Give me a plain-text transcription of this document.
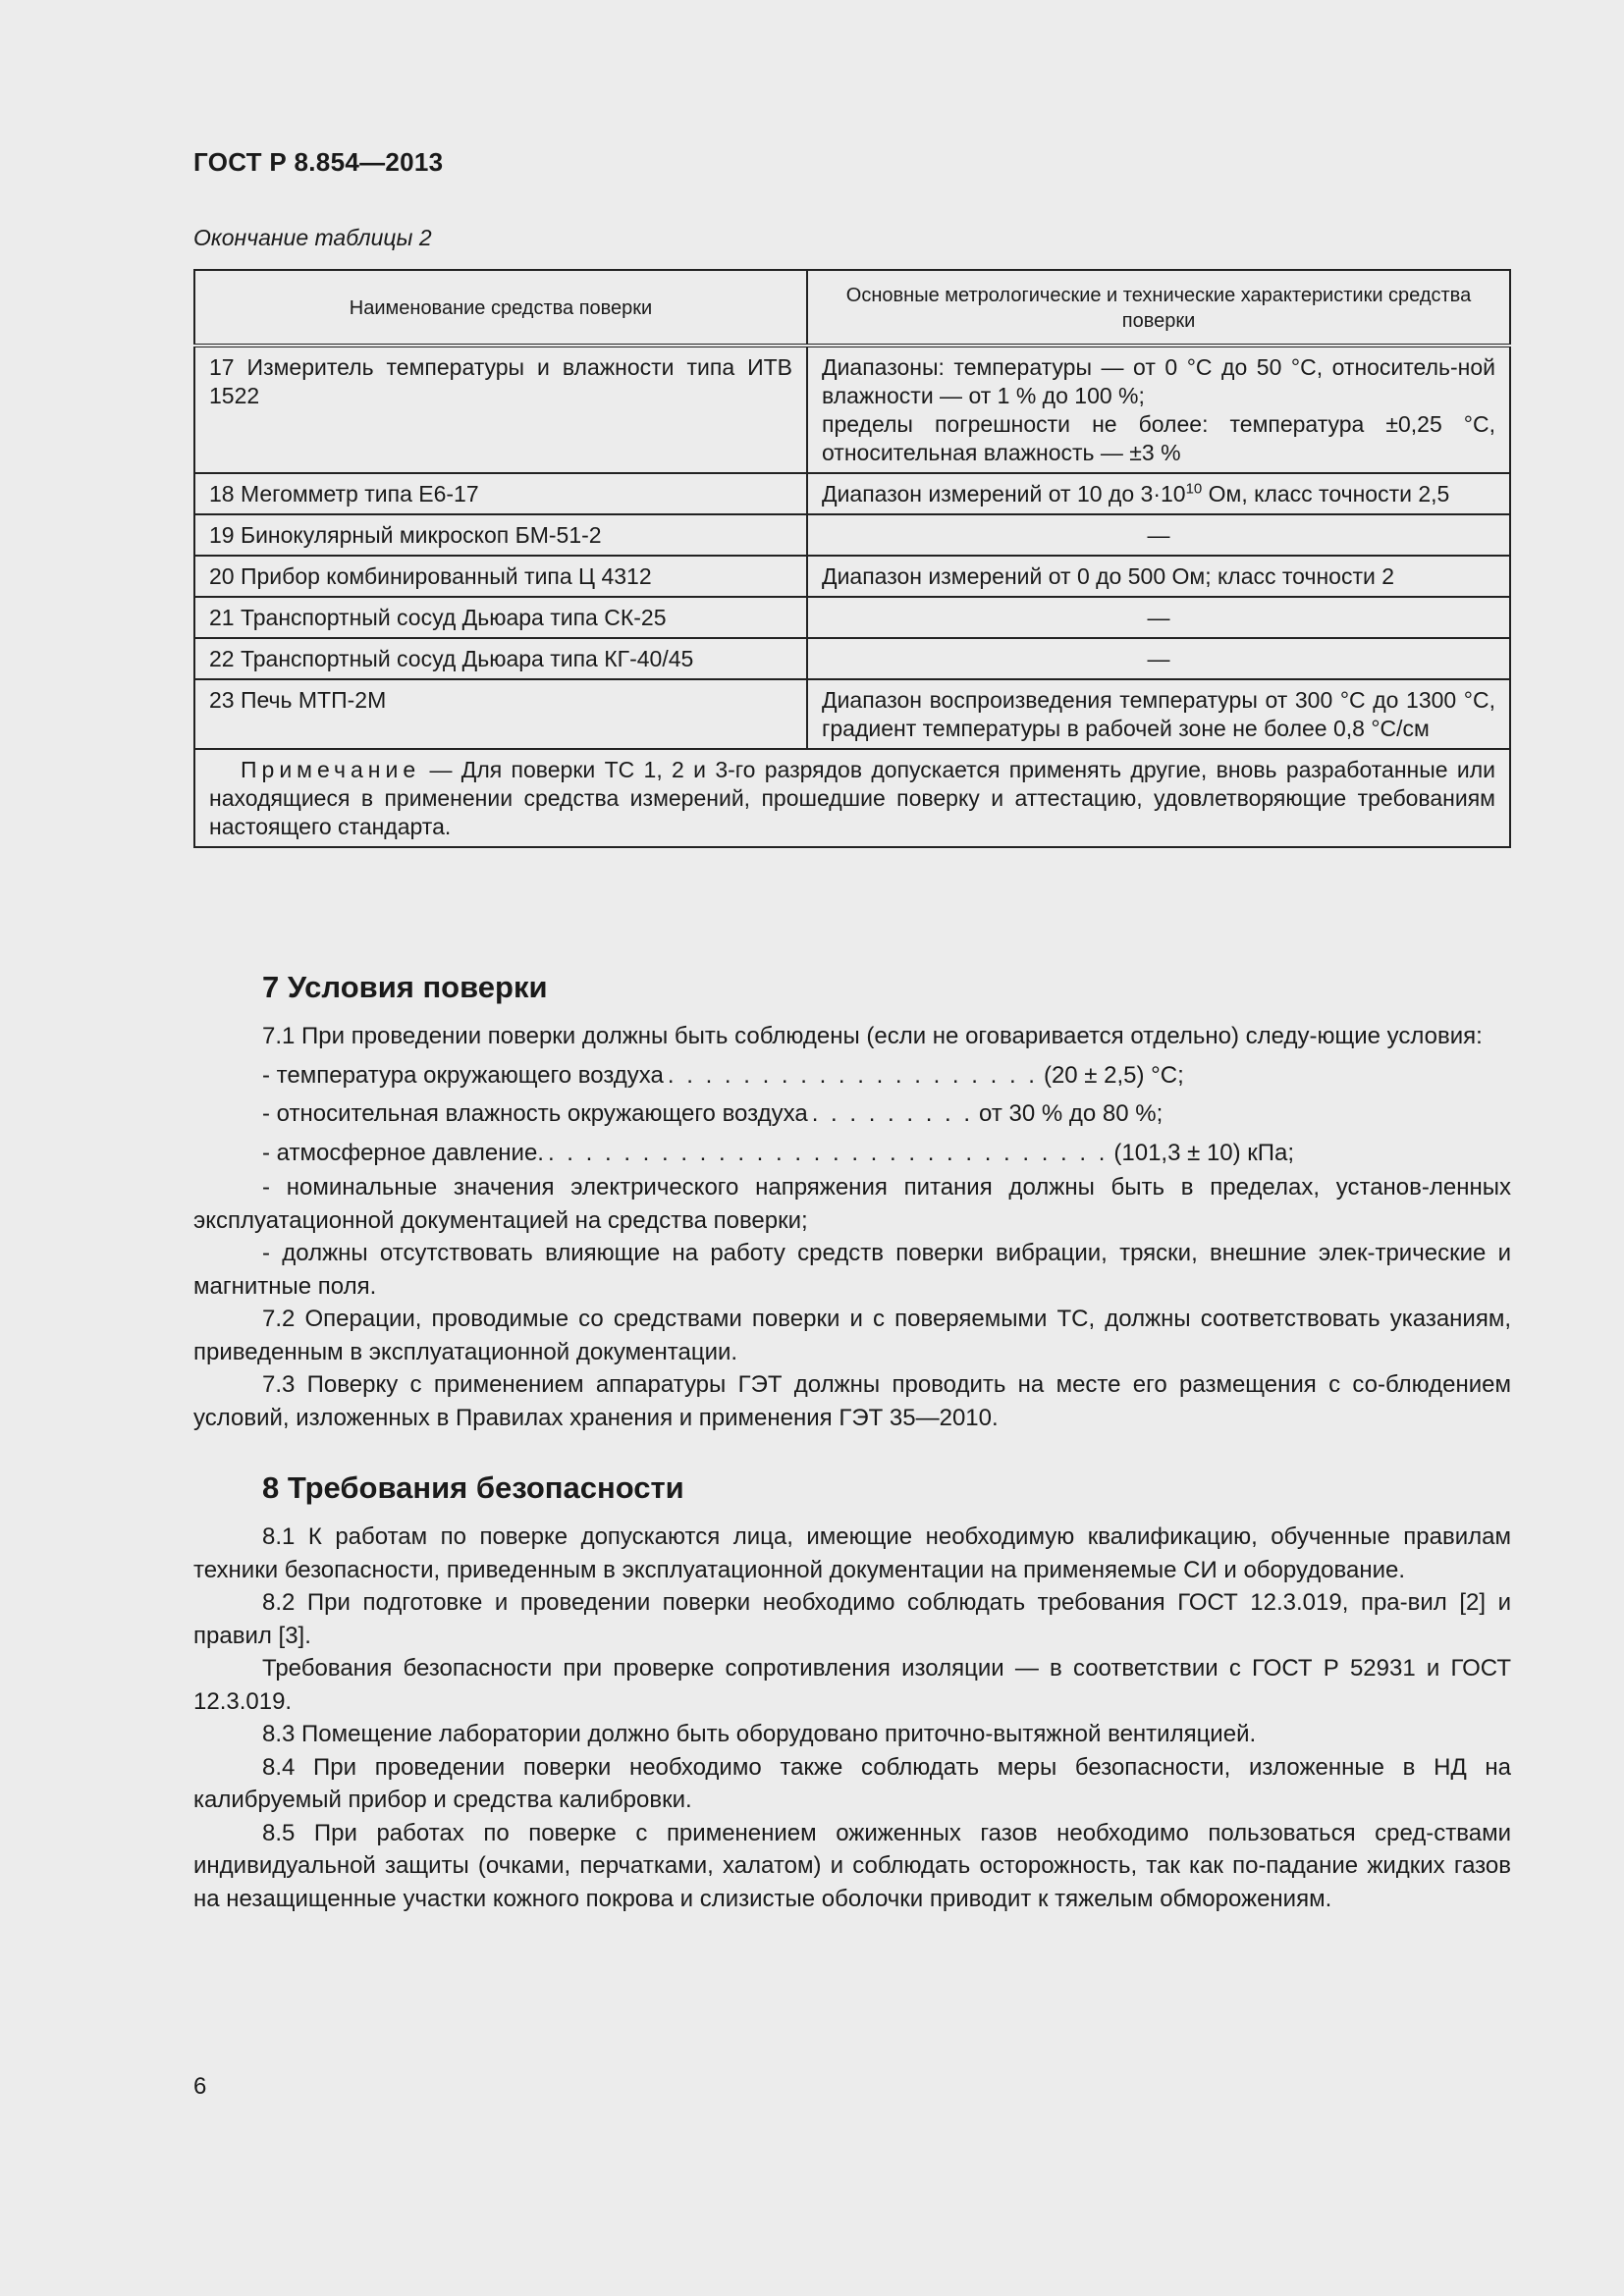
ГОСТ Р 8.854—2013
Окончание таблицы 2
Наименование средства поверки	Основные метрологические и технические характеристики средства поверки
17 Измеритель температуры и влажности типа ИТВ 1522	Диапазоны: температуры — от 0 °С до 50 °С, относитель-ной влажности — от 1 % до 100 %;
пределы погрешности не более: температура ±0,25 °С, относительная влажность — ±3 %

18 Мегомметр типа Е6-17	Диапазон измерений от 10 до $3\cdot 10^{10}$ Ом, класс точности 2,5
19 Бинокулярный микроскоп БМ-51-2	—
20 Прибор комбинированный типа Ц 4312	Диапазон измерений от 0 до 500 Ом; класс точности 2
21 Транспортный сосуд Дьюара типа СК-25	—
22 Транспортный сосуд Дьюара типа КГ-40/45	—
23 Печь МТП-2М	Диапазон воспроизведения температуры от 300 °С до 1300 °С, градиент температуры в рабочей зоне не более 0,8 °С/см
Примечание — Для поверки ТС 1, 2 и 3-го разрядов допускается применять другие, вновь разработанные или находящиеся в применении средства измерений, прошедшие поверку и аттестацию, удовлетворяющие требованиям настоящего стандарта.	
7 Условия поверки

7.1 При проведении поверки должны быть соблюдены (если не оговаривается отдельно) следу-ющие условия:

- температура окружающего воздуха . . . . . . . . . . . . . . . . . . . . (20 ± 2,5) °С;
- относительная влажность окружающего воздуха . . . . . . . . . от 30 % до 80 %;
- атмосферное давление. . . . . . . . . . . . . . . . . . . . . . . . . . . . . . . (101,3 ± 10) кПа;

- номинальные значения электрического напряжения питания должны быть в пределах, установ-ленных эксплуатационной документацией на средства поверки;

- должны отсутствовать влияющие на работу средств поверки вибрации, тряски, внешние элек-трические и магнитные поля.

7.2 Операции, проводимые со средствами поверки и с поверяемыми ТС, должны соответствовать указаниям, приведенным в эксплуатационной документации.

7.3 Поверку с применением аппаратуры ГЭТ должны проводить на месте его размещения с со-блюдением условий, изложенных в Правилах хранения и применения ГЭТ 35—2010.

8 Требования безопасности

8.1 К работам по поверке допускаются лица, имеющие необходимую квалификацию, обученные правилам техники безопасности, приведенным в эксплуатационной документации на применяемые СИ и оборудование.

8.2 При подготовке и проведении поверки необходимо соблюдать требования ГОСТ 12.3.019, пра-вил [2] и правил [3].

Требования безопасности при проверке сопротивления изоляции — в соответствии с ГОСТ Р 52931 и ГОСТ 12.3.019.

8.3 Помещение лаборатории должно быть оборудовано приточно-вытяжной вентиляцией.

8.4 При проведении поверки необходимо также соблюдать меры безопасности, изложенные в НД на калибруемый прибор и средства калибровки.

8.5 При работах по поверке с применением ожиженных газов необходимо пользоваться сред-ствами индивидуальной защиты (очками, перчатками, халатом) и соблюдать осторожность, так как по-падание жидких газов на незащищенные участки кожного покрова и слизистые оболочки приводит к тяжелым обморожениям.

6
